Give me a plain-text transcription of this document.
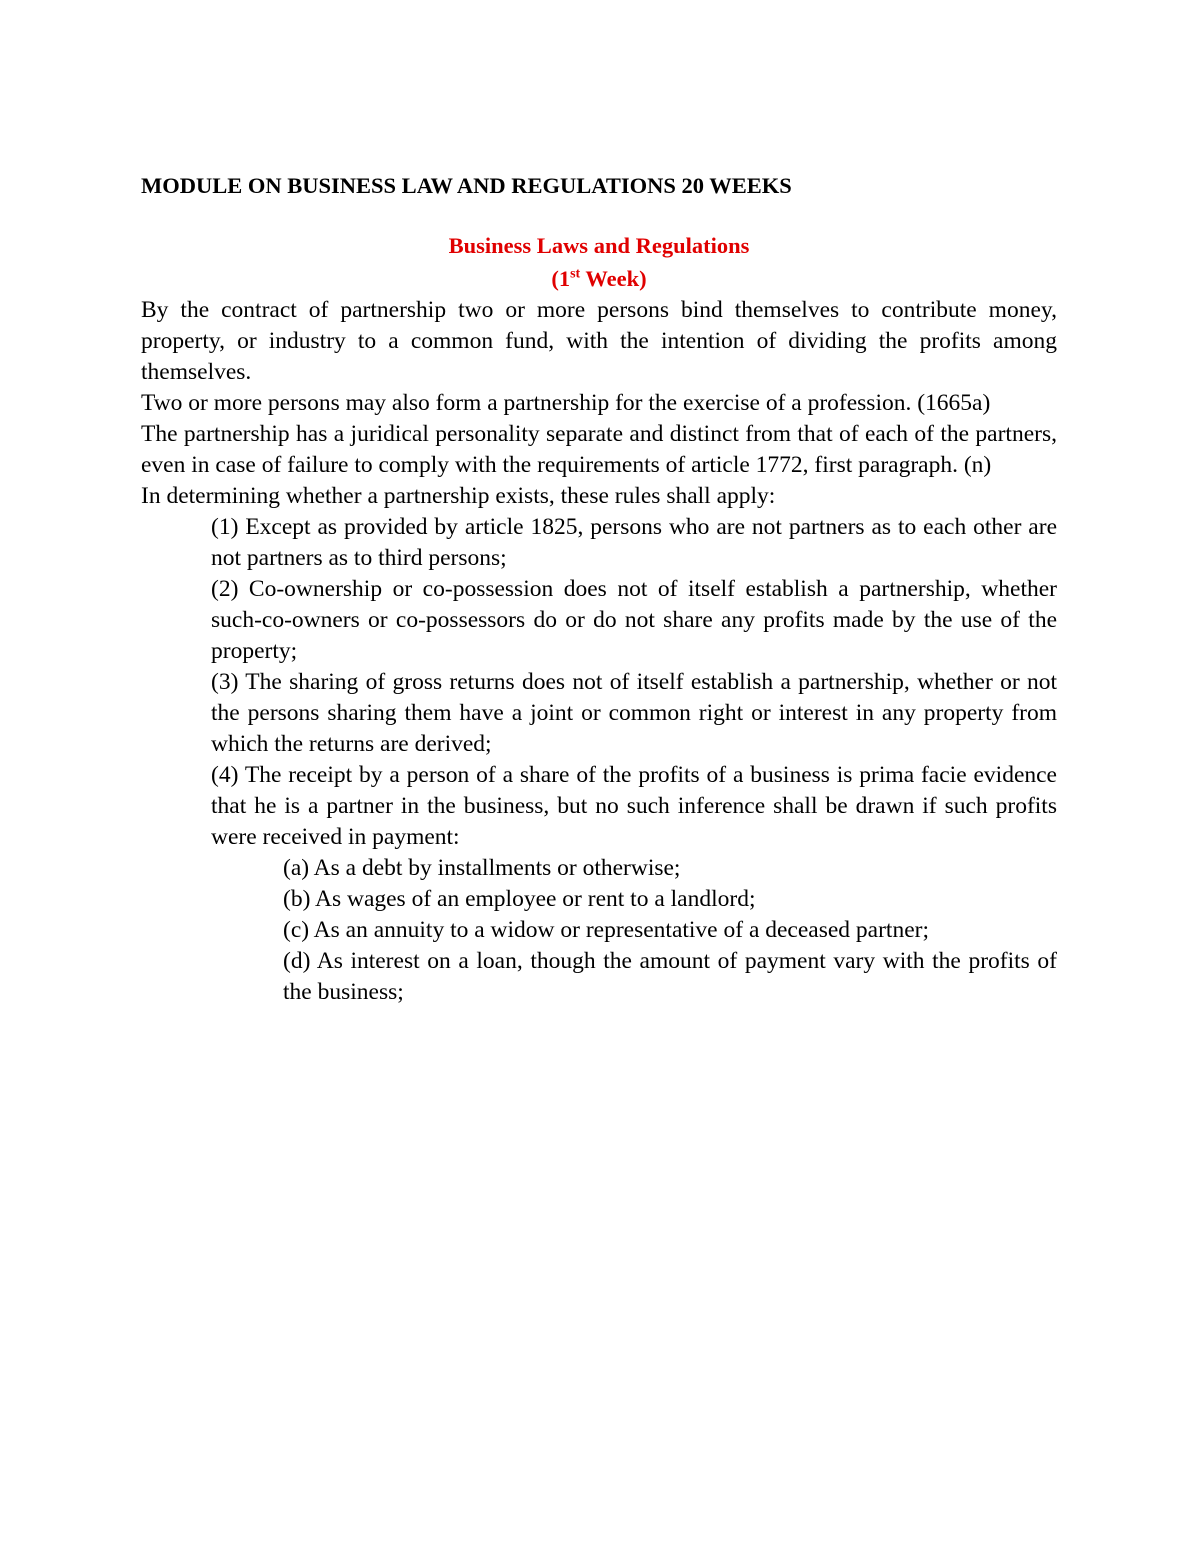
MODULE ON BUSINESS LAW AND REGULATIONS 20 WEEKS

Business Laws and Regulations
(1st Week)

By the contract of partnership two or more persons bind themselves to contribute money, property, or industry to a common fund, with the intention of dividing the profits among themselves.

Two or more persons may also form a partnership for the exercise of a profession. (1665a)

The partnership has a juridical personality separate and distinct from that of each of the partners, even in case of failure to comply with the requirements of article 1772, first paragraph. (n)

In determining whether a partnership exists, these rules shall apply:

(1) Except as provided by article 1825, persons who are not partners as to each other are not partners as to third persons;

(2) Co-ownership or co-possession does not of itself establish a partnership, whether such-co-owners or co-possessors do or do not share any profits made by the use of the property;

(3) The sharing of gross returns does not of itself establish a partnership, whether or not the persons sharing them have a joint or common right or interest in any property from which the returns are derived;

(4) The receipt by a person of a share of the profits of a business is prima facie evidence that he is a partner in the business, but no such inference shall be drawn if such profits were received in payment:

(a) As a debt by installments or otherwise;

(b) As wages of an employee or rent to a landlord;

(c) As an annuity to a widow or representative of a deceased partner;

(d) As interest on a loan, though the amount of payment vary with the profits of the business;
